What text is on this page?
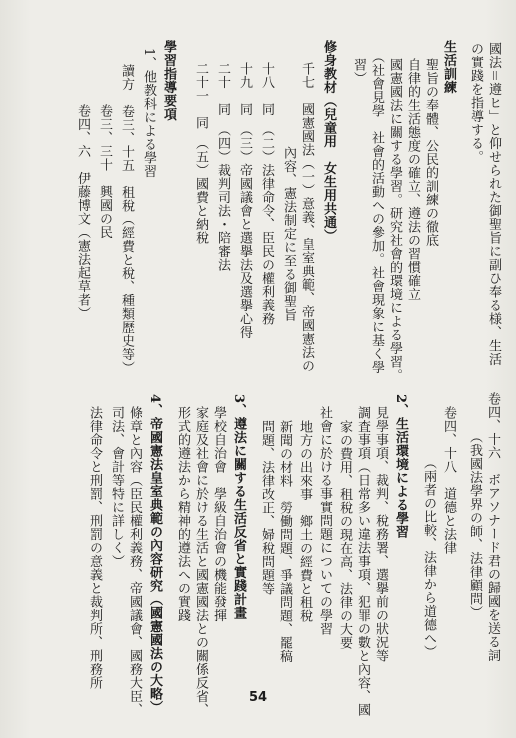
國法＝遵ヒ」と仰せられた御聖旨に副ひ奉る様、生活
の實踐を指導する。
生活訓練
聖旨の奉體、公民的訓練の徹底
自律的生活態度の確立、遵法の習慣確立
國憲國法に關する學習。研究社會的環境による學習。
（社會見學　社會的活動への參加。社會現象に基く學
習）
修身教材（兒童用　女生用共通）
千七　國憲國法（一）意義、皇室典範、帝國憲法の
內容、憲法制定に至る御聖旨
十八　同　（二）法律命令、臣民の權利義務
十九　同　（三）帝國議會と選擧法及選擧心得
二十　同　（四）裁判司法・陪審法
二十一　同　（五）國費と納稅
學習指導要項
1、他教科による學習
讀方　卷三、十五　租稅（經費と稅、種類歷史等）
卷三、三十　興國の民
卷四、六　伊藤博文（憲法起草者）
卷四、十六　ボアソナード君の歸國を送る詞
（我國法學界の師、法律顧問）
卷四、十八　道德と法律
（兩者の比較、法律から道德へ）
2、生活環境による學習
見學事項、裁判、稅務署、選擧前の狀況等
調査事項（日常多い違法事項、犯罪の數と內容、國
家の費用、租稅の現在高、法律の大要
社會に於ける事實問題についての學習
地方の出來事　鄉土の經費と租稅
新聞の材料　勞働問題、爭議問題、罷稿
問題、法律改正、婦稅問題等
3、遵法に關する生活反省と實踐計畫
學校自治會　學級自治會の機能發揮
家庭及社會に於ける生活と國憲國法との關係反省、
形式的遵法から精神的遵法への實踐
4、帝國憲法皇室典範の內容研究（國憲國法の大略）
條章と內容（臣民權利義務、帝國議會、國務大臣、
司法、會計等特に詳しく）
法律命令と刑罰、刑罰の意義と裁判所、刑務所
54
